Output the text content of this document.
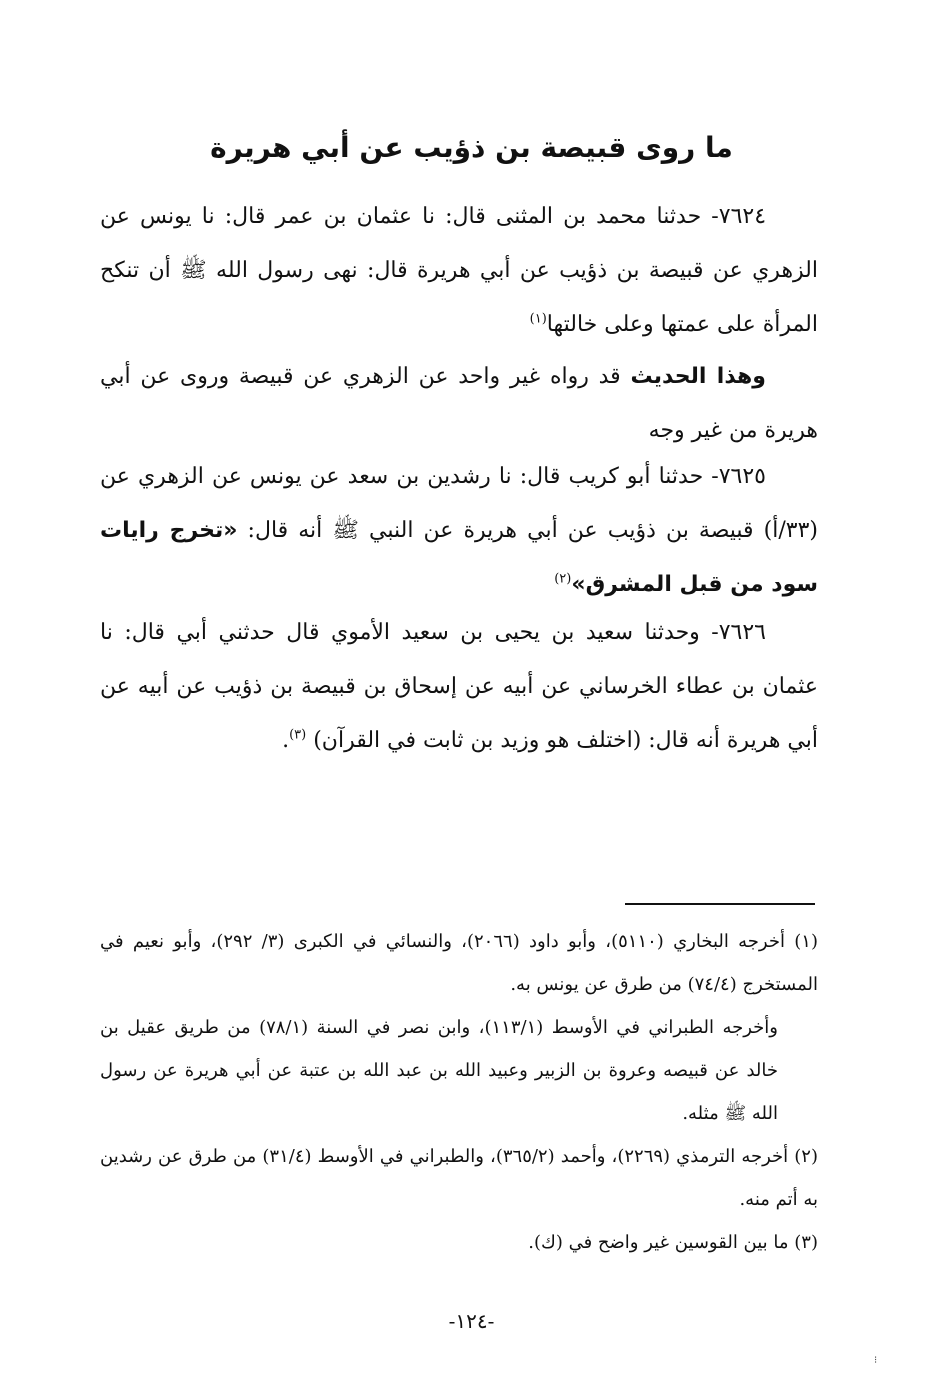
ما روى قبيصة بن ذؤيب عن أبي هريرة

٧٦٢٤- حدثنا محمد بن المثنى قال: نا عثمان بن عمر قال: نا يونس عن الزهري عن قبيصة بن ذؤيب عن أبي هريرة قال: نهى رسول الله ﷺ أن تنكح المرأة على عمتها وعلى خالتها$^{(١)}$

وهذا الحديث قد رواه غير واحد عن الزهري عن قبيصة وروى عن أبي هريرة من غير وجه

٧٦٢٥- حدثنا أبو كريب قال: نا رشدين بن سعد عن يونس عن الزهري عن (٣٣/أ) قبيصة بن ذؤيب عن أبي هريرة عن النبي ﷺ أنه قال: «تخرج رايات سود من قبل المشرق»$^{(٢)}$

٧٦٢٦- وحدثنا سعيد بن يحيى بن سعيد الأموي قال حدثني أبي قال: نا عثمان بن عطاء الخرساني عن أبيه عن إسحاق بن قبيصة بن ذؤيب عن أبيه عن أبي هريرة أنه قال: (اختلف هو وزيد بن ثابت في القرآن) $^{(٣)}$.

(١) أخرجه البخاري (٥١١٠)، وأبو داود (٢٠٦٦)، والنسائي في الكبرى (٣/ ٢٩٢)، وأبو نعيم في المستخرج (٧٤/٤) من طرق عن يونس به.

وأخرجه الطبراني في الأوسط (١١٣/١)، وابن نصر في السنة (٧٨/١) من طريق عقيل بن خالد عن قبيصه وعروة بن الزبير وعبيد الله بن عبد الله بن عتبة عن أبي هريرة عن رسول الله ﷺ مثله.

(٢) أخرجه الترمذي (٢٢٦٩)، وأحمد (٣٦٥/٢)، والطبراني في الأوسط (٣١/٤) من طرق عن رشدين به أتم منه.

(٣) ما بين القوسين غير واضح في (ك).

-١٢٤-
⁝
